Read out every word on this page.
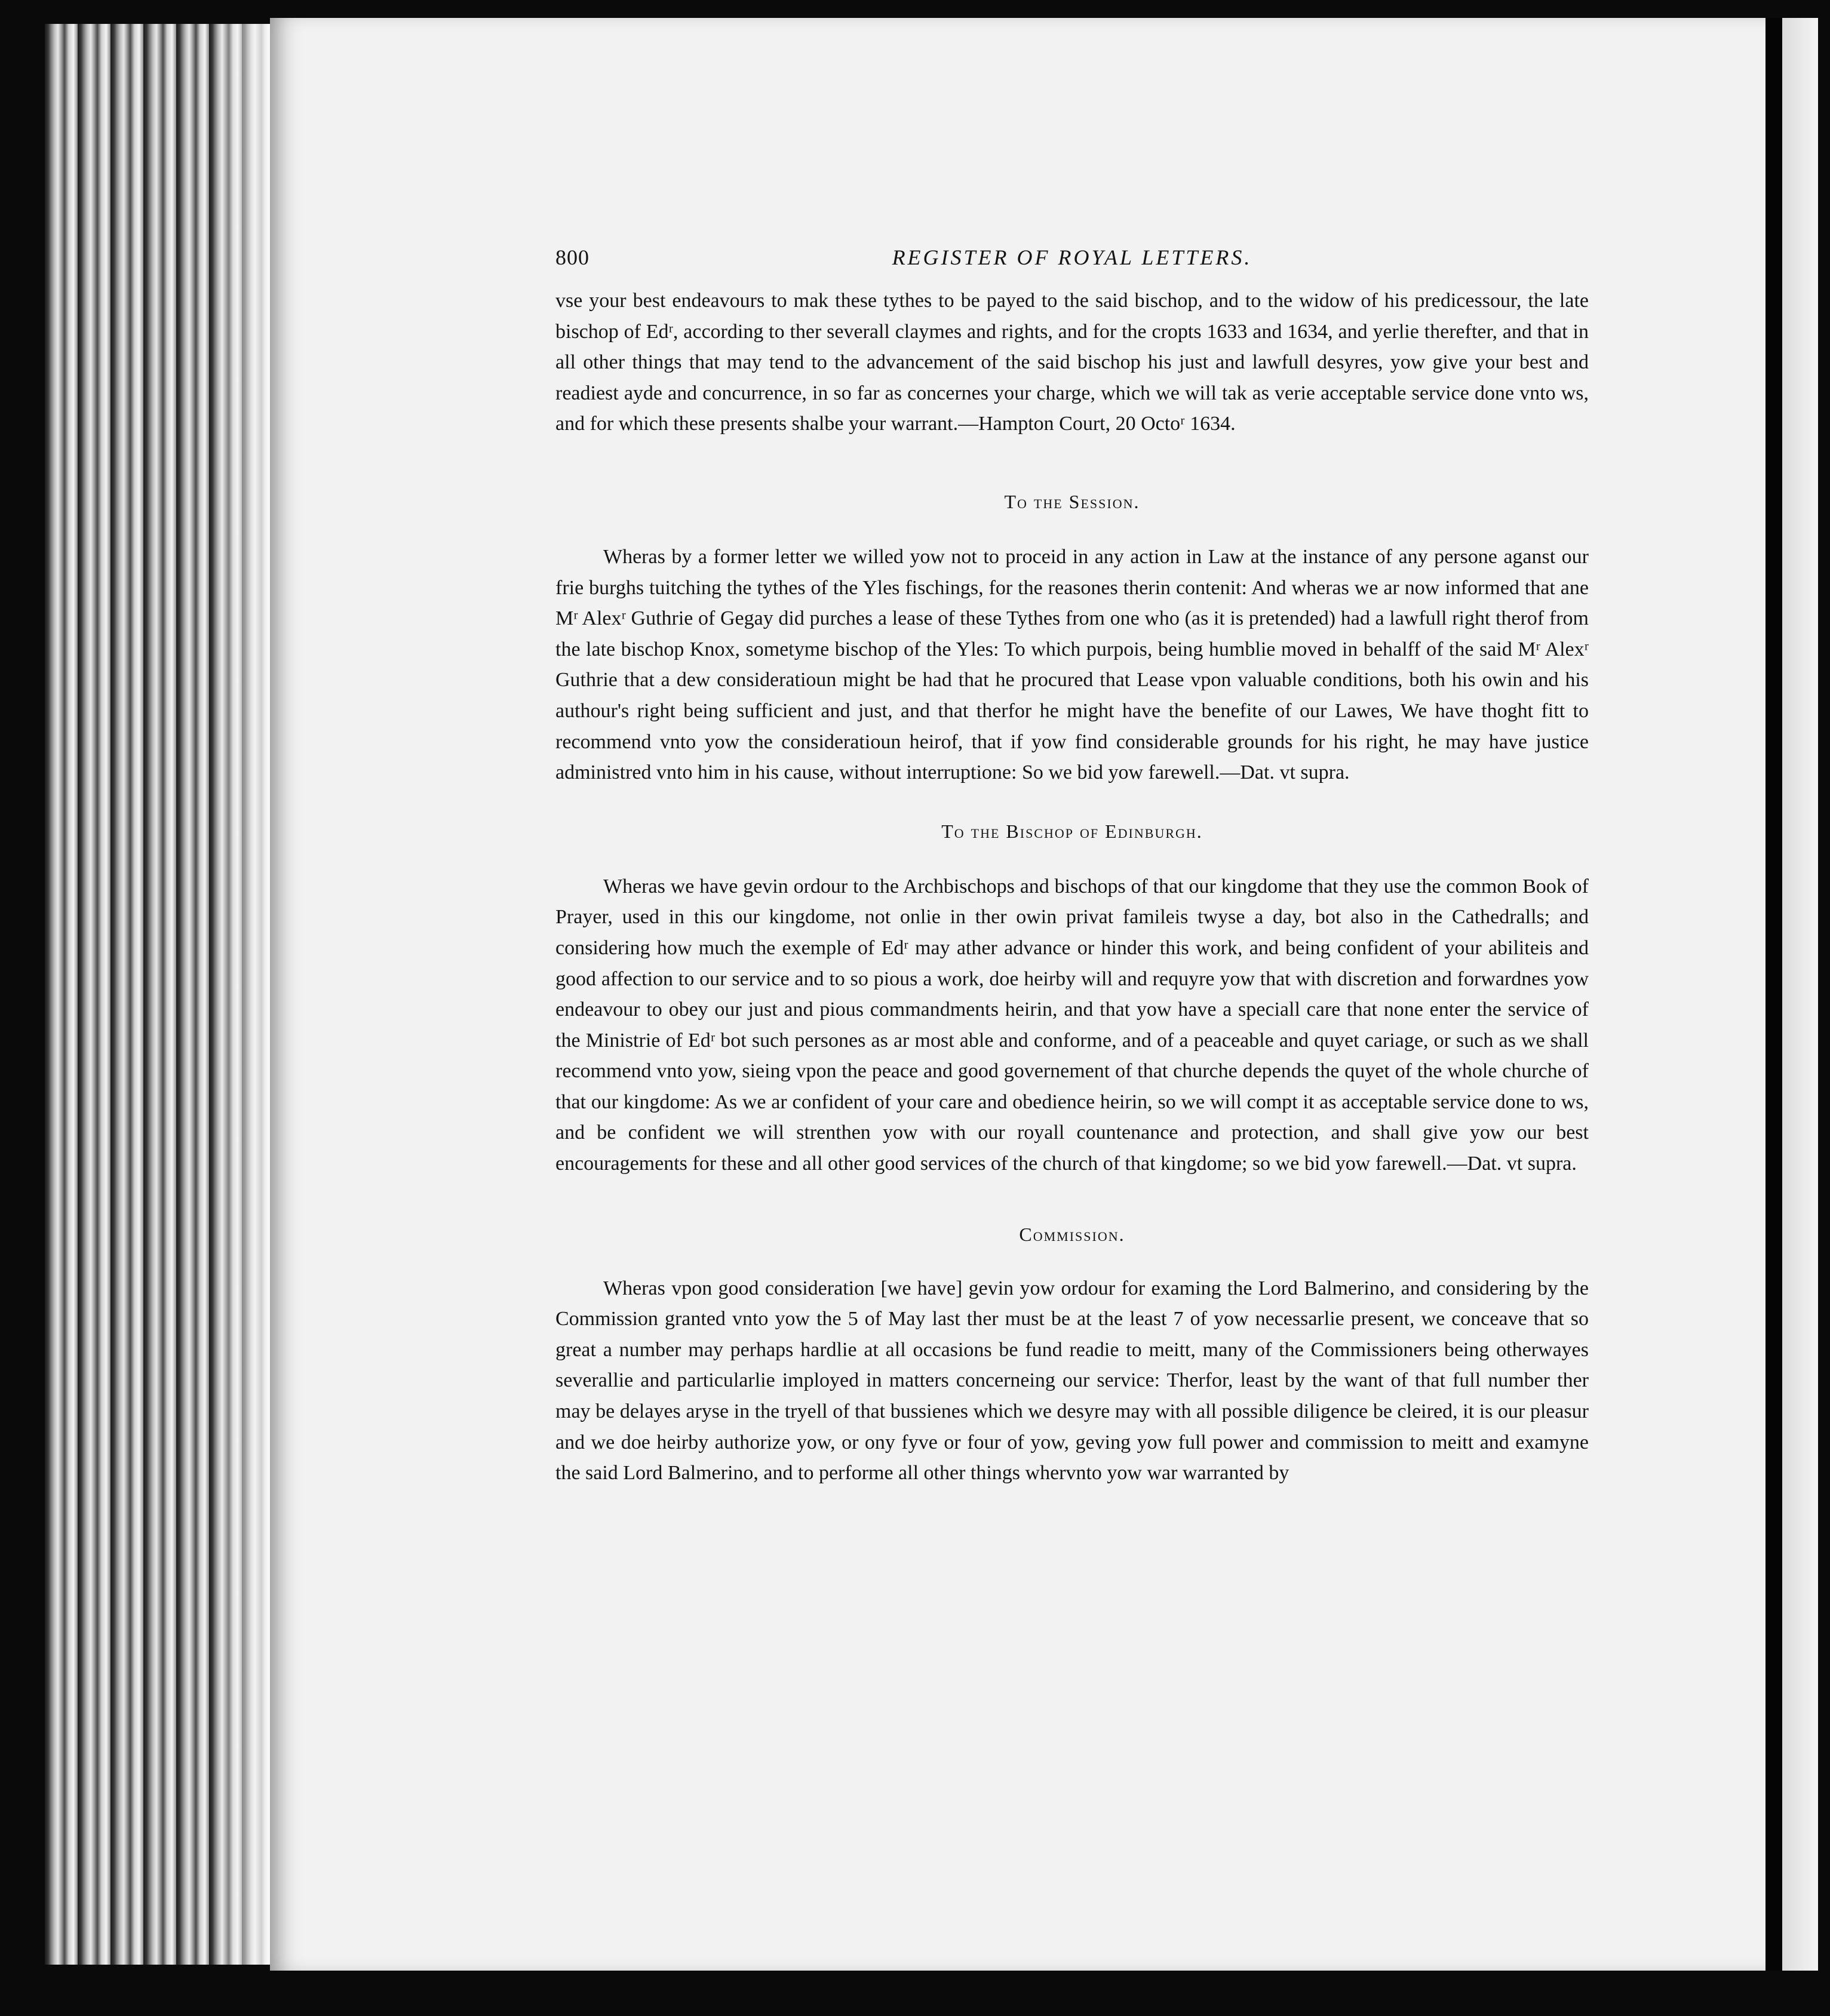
800	REGISTER OF ROYAL LETTERS.

vse your best endeavours to mak these tythes to be payed to the said bischop, and to the widow of his predicessour, the late bischop of Edʳ, according to ther severall claymes and rights, and for the cropts 1633 and 1634, and yerlie therefter, and that in all other things that may tend to the advancement of the said bischop his just and lawfull desyres, yow give your best and readiest ayde and concurrence, in so far as concernes your charge, which we will tak as verie acceptable service done vnto ws, and for which these presents shalbe your warrant.—Hampton Court, 20 Octoʳ 1634.

To the Session.

Wheras by a former letter we willed yow not to proceid in any action in Law at the instance of any persone aganst our frie burghs tuitching the tythes of the Yles fischings, for the reasones therin contenit: And wheras we ar now informed that ane Mʳ Alexʳ Guthrie of Gegay did purches a lease of these Tythes from one who (as it is pretended) had a lawfull right therof from the late bischop Knox, sometyme bischop of the Yles: To which purpois, being humblie moved in behalff of the said Mʳ Alexʳ Guthrie that a dew consideratioun might be had that he procured that Lease vpon valuable conditions, both his owin and his authour's right being sufficient and just, and that therfor he might have the benefite of our Lawes, We have thoght fitt to recommend vnto yow the consideratioun heirof, that if yow find considerable grounds for his right, he may have justice administred vnto him in his cause, without interruptione: So we bid yow farewell.—Dat. vt supra.

To the Bischop of Edinburgh.

Wheras we have gevin ordour to the Archbischops and bischops of that our kingdome that they use the common Book of Prayer, used in this our kingdome, not onlie in ther owin privat famileis twyse a day, bot also in the Cathedralls; and considering how much the exemple of Edʳ may ather advance or hinder this work, and being confident of your abiliteis and good affection to our service and to so pious a work, doe heirby will and requyre yow that with discretion and forwardnes yow endeavour to obey our just and pious commandments heirin, and that yow have a speciall care that none enter the service of the Ministrie of Edʳ bot such persones as ar most able and conforme, and of a peaceable and quyet cariage, or such as we shall recommend vnto yow, sieing vpon the peace and good governement of that churche depends the quyet of the whole churche of that our kingdome: As we ar confident of your care and obedience heirin, so we will compt it as acceptable service done to ws, and be confident we will strenthen yow with our royall countenance and protection, and shall give yow our best encouragements for these and all other good services of the church of that kingdome; so we bid yow farewell.—Dat. vt supra.

Commission.

Wheras vpon good consideration [we have] gevin yow ordour for examing the Lord Balmerino, and considering by the Commission granted vnto yow the 5 of May last ther must be at the least 7 of yow necessarlie present, we conceave that so great a number may perhaps hardlie at all occasions be fund readie to meitt, many of the Commissioners being otherwayes severallie and particularlie imployed in matters concerneing our service: Therfor, least by the want of that full number ther may be delayes aryse in the tryell of that bussienes which we desyre may with all possible diligence be cleired, it is our pleasur and we doe heirby authorize yow, or ony fyve or four of yow, geving yow full power and commission to meitt and examyne the said Lord Balmerino, and to performe all other things whervnto yow war warranted by
